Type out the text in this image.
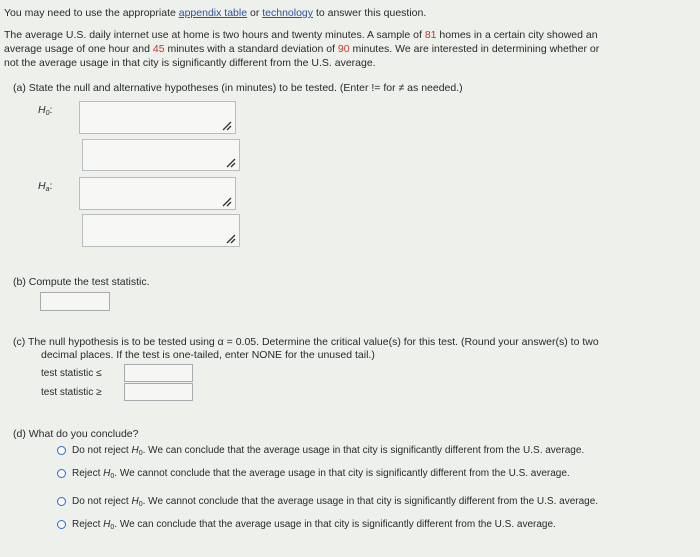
You may need to use the appropriate appendix table or technology to answer this question.
The average U.S. daily internet use at home is two hours and twenty minutes. A sample of 81 homes in a certain city showed an
average usage of one hour and 45 minutes with a standard deviation of 90 minutes. We are interested in determining whether or
not the average usage in that city is significantly different from the U.S. average.
(a) State the null and alternative hypotheses (in minutes) to be tested. (Enter != for ≠ as needed.)
$H_0$:
$H_a$:
(b) Compute the test statistic.
(c) The null hypothesis is to be tested using α = 0.05. Determine the critical value(s) for this test. (Round your answer(s) to two
decimal places. If the test is one-tailed, enter NONE for the unused tail.)
test statistic ≤
test statistic ≥
(d) What do you conclude?
Do not reject $H_0$. We can conclude that the average usage in that city is significantly different from the U.S. average.
Reject $H_0$. We cannot conclude that the average usage in that city is significantly different from the U.S. average.
Do not reject $H_0$. We cannot conclude that the average usage in that city is significantly different from the U.S. average.
Reject $H_0$. We can conclude that the average usage in that city is significantly different from the U.S. average.
